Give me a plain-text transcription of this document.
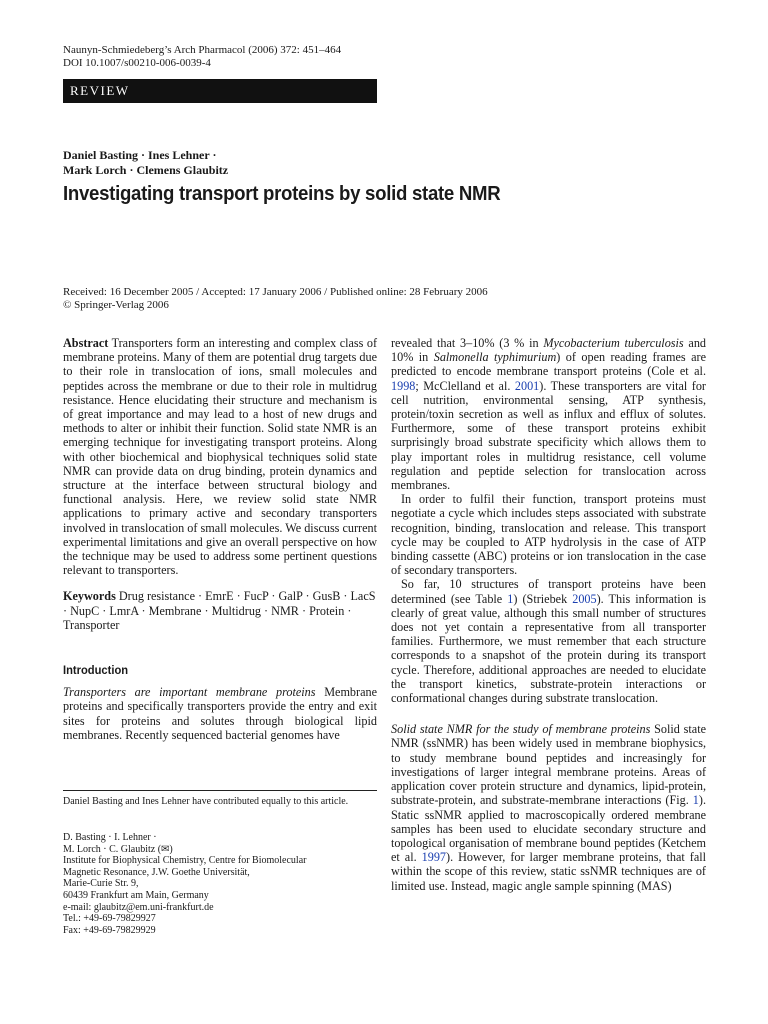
Naunyn-Schmiedeberg’s Arch Pharmacol (2006) 372: 451–464
DOI 10.1007/s00210-006-0039-4
REVIEW
Daniel Basting · Ines Lehner ·
Mark Lorch · Clemens Glaubitz
Investigating transport proteins by solid state NMR
Received: 16 December 2005 / Accepted: 17 January 2006 / Published online: 28 February 2006
© Springer-Verlag 2006

Abstract Transporters form an interesting and complex class of membrane proteins. Many of them are potential drug targets due to their role in translocation of ions, small molecules and peptides across the membrane or due to their role in multidrug resistance. Hence elucidating their structure and mechanism is of great importance and may lead to a host of new drugs and methods to alter or inhibit their function. Solid state NMR is an emerging technique for investigating transport proteins. Along with other biochemical and biophysical techniques solid state NMR can provide data on drug binding, protein dynamics and structure at the interface between structural biology and functional analysis. Here, we review solid state NMR applications to primary active and secondary transporters involved in translocation of small molecules. We discuss current experimental limitations and give an overall perspective on how the technique may be used to address some pertinent questions relevant to transporters.

Keywords Drug resistance · EmrE · FucP · GalP · GusB · LacS · NupC · LmrA · Membrane · Multidrug · NMR · Protein · Transporter

Introduction

Transporters are important membrane proteins Membrane proteins and specifically transporters provide the entry and exit sites for proteins and solutes through biological lipid membranes. Recently sequenced bacterial genomes have

Daniel Basting and Ines Lehner have contributed equally to this article.
D. Basting · I. Lehner ·
M. Lorch · C. Glaubitz (✉)
Institute for Biophysical Chemistry, Centre for Biomolecular
Magnetic Resonance, J.W. Goethe Universität,
Marie-Curie Str. 9,
60439 Frankfurt am Main, Germany
e-mail: glaubitz@em.uni-frankfurt.de
Tel.: +49-69-79829927
Fax: +49-69-79829929

revealed that 3–10% (3 % in Mycobacterium tuberculosis and 10% in Salmonella typhimurium) of open reading frames are predicted to encode membrane transport proteins (Cole et al. 1998; McClelland et al. 2001). These transporters are vital for cell nutrition, environmental sensing, ATP synthesis, protein/toxin secretion as well as influx and efflux of solutes. Furthermore, some of these transport proteins exhibit surprisingly broad substrate specificity which allows them to play important roles in multidrug resistance, cell volume regulation and peptide selection for translocation across membranes.

In order to fulfil their function, transport proteins must negotiate a cycle which includes steps associated with substrate recognition, binding, translocation and release. This transport cycle may be coupled to ATP hydrolysis in the case of ATP binding cassette (ABC) proteins or ion translocation in the case of secondary transporters.

So far, 10 structures of transport proteins have been determined (see Table 1) (Striebek 2005). This information is clearly of great value, although this small number of structures does not yet contain a representative from all transporter families. Furthermore, we must remember that each structure corresponds to a snapshot of the protein during its transport cycle. Therefore, additional approaches are needed to elucidate the transport kinetics, substrate-protein interactions or conformational changes during substrate translocation.

Solid state NMR for the study of membrane proteins Solid state NMR (ssNMR) has been widely used in membrane biophysics, to study membrane bound peptides and increasingly for investigations of larger integral membrane proteins. Areas of application cover protein structure and dynamics, lipid-protein, substrate-protein, and substrate-membrane interactions (Fig. 1). Static ssNMR applied to macroscopically ordered membrane samples has been used to elucidate secondary structure and topological organisation of membrane bound peptides (Ketchem et al. 1997). However, for larger membrane proteins, that fall within the scope of this review, static ssNMR techniques are of limited use. Instead, magic angle sample spinning (MAS)
